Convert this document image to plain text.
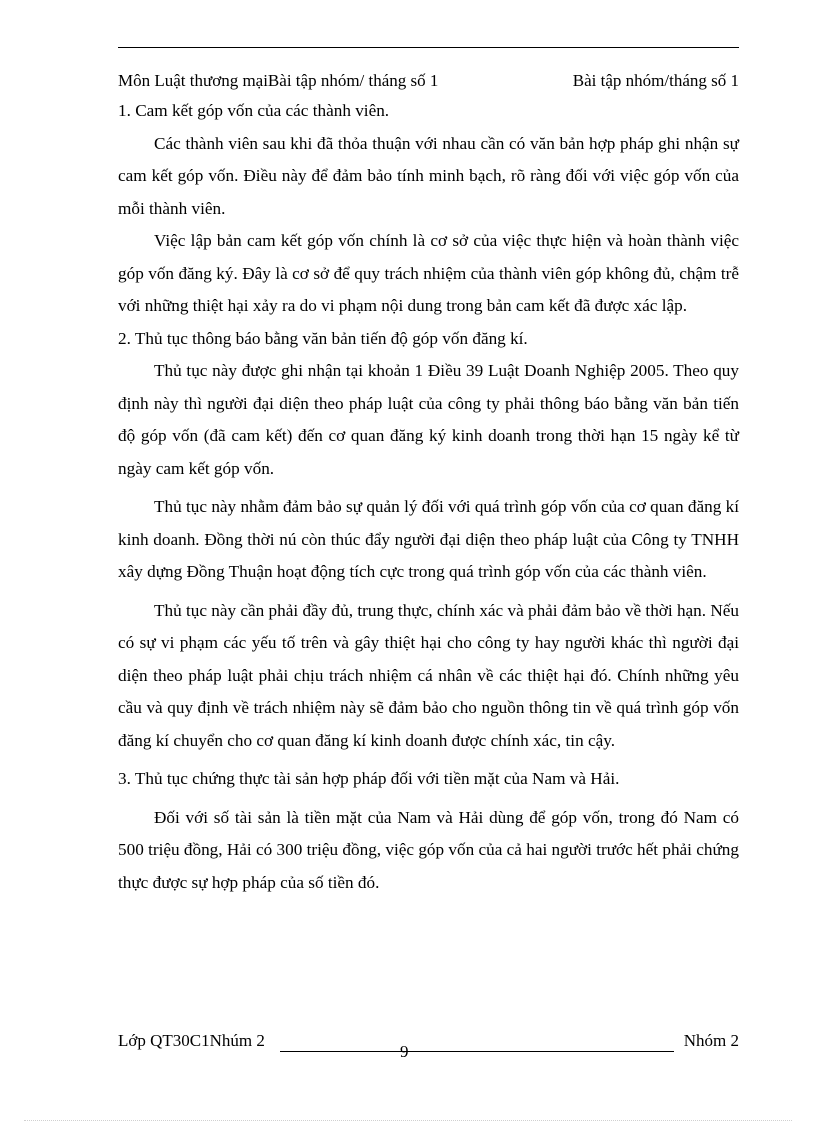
Môn Luật thương mạiBài tập nhóm/ tháng số 1	Bài tập nhóm/tháng số 1

1. Cam kết góp vốn của các thành viên.

Các thành viên sau khi đã thỏa thuận với nhau cần có văn bản hợp pháp ghi nhận sự cam kết góp vốn. Điều này để đảm bảo tính minh bạch, rõ ràng đối với việc góp vốn của mỗi thành viên.

Việc lập bản cam kết góp vốn chính là cơ sở của việc thực hiện và hoàn thành việc góp vốn đăng ký. Đây là cơ sở để quy trách nhiệm của thành viên góp không đủ, chậm trễ với những thiệt hại xảy ra do vi phạm nội dung trong bản cam kết đã được xác lập.

2. Thủ tục thông báo bằng văn bản tiến độ góp vốn đăng kí.

Thủ tục này được ghi nhận tại khoản 1 Điều 39 Luật Doanh Nghiệp 2005. Theo quy định này thì người đại diện theo pháp luật của công ty phải thông báo bằng văn bản tiến độ góp vốn (đã cam kết) đến cơ quan đăng ký kinh doanh trong thời hạn 15 ngày kể từ ngày cam kết góp vốn.

Thủ tục này nhằm đảm bảo sự quản lý đối với quá trình góp vốn của cơ quan đăng kí kinh doanh. Đồng thời nú còn thúc đẩy người đại diện theo pháp luật của Công ty TNHH xây dựng Đồng Thuận hoạt động tích cực trong quá trình góp vốn của các thành viên.

Thủ tục này cần phải đầy đủ, trung thực, chính xác và phải đảm bảo về thời hạn. Nếu có sự vi phạm các yếu tố trên và gây thiệt hại cho công ty hay người khác thì người đại diện theo pháp luật phải chịu trách nhiệm cá nhân về các thiệt hại đó. Chính những yêu cầu và quy định về trách nhiệm này sẽ đảm bảo cho nguồn thông tin về quá trình góp vốn đăng kí chuyển cho cơ quan đăng kí kinh doanh được chính xác, tin cậy.

3. Thủ tục chứng thực tài sản hợp pháp đối với tiền mặt của Nam và Hải.

Đối với số tài sản là tiền mặt của Nam và Hải dùng để góp vốn, trong đó Nam có 500 triệu đồng, Hải có 300 triệu đồng, việc góp vốn của cả hai người trước hết phải chứng thực được sự hợp pháp của số tiền đó.

Lớp QT30C1Nhúm 2	Nhóm 2
9
